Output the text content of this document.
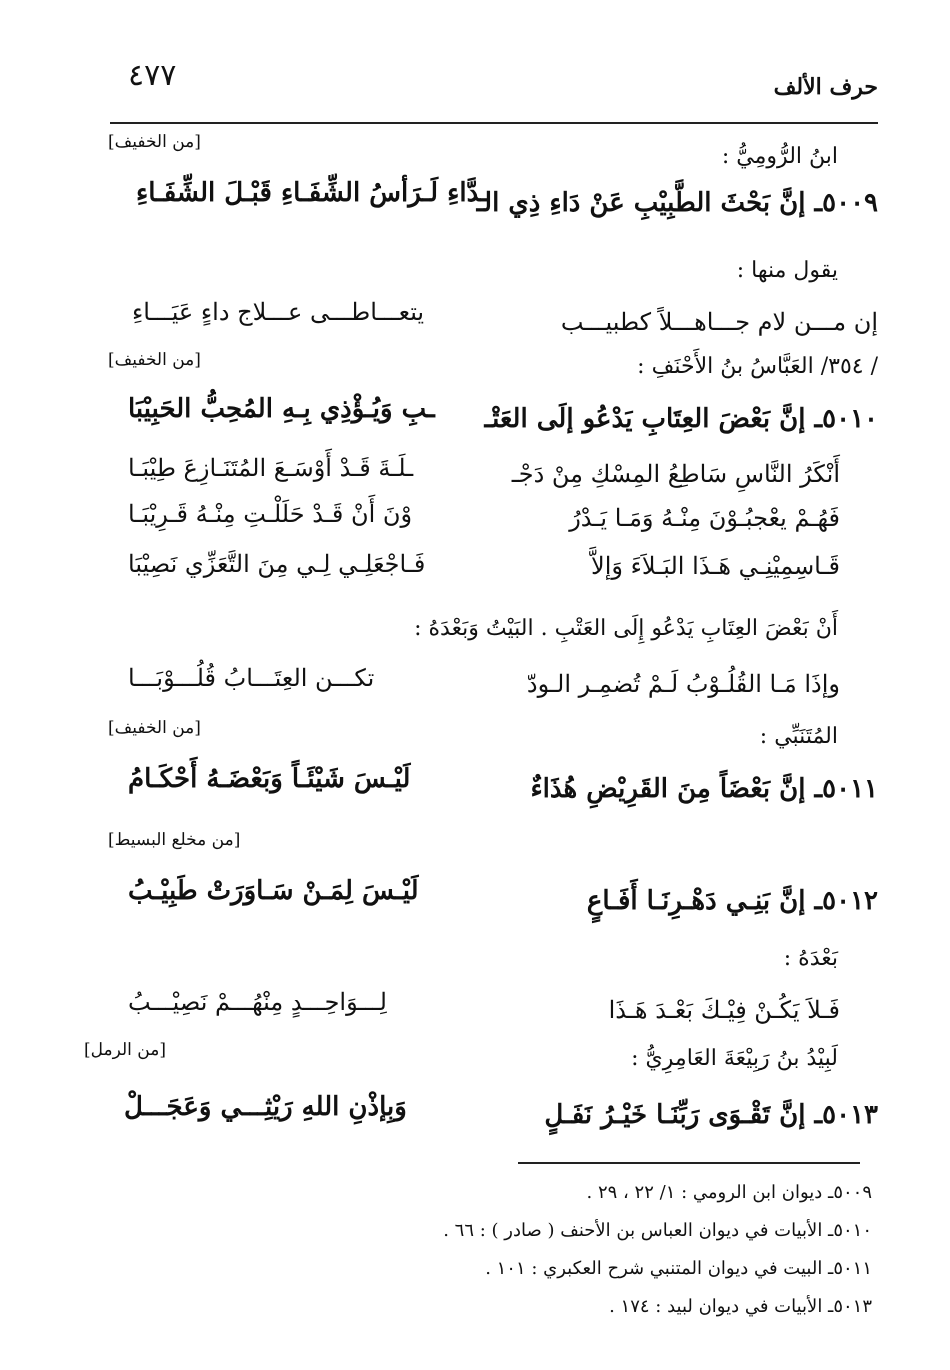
٤٧٧	حرف الألف
[من الخفيف]
ابنُ الرُّومِيُّ :
٥٠٠٩ـ إنَّ بَحْثَ الطَّبِيْبِ عَنْ دَاءِ ذِي الـ
ـدَّاءِ لَـرَأسُ الشِّفَـاءِ قَبْـلَ الشِّفَـاءِ
يقول منها :
إن مـــن لام جـــاهـــلاً كطبيـــب
يتعـــاطـــى عـــلاج داءٍ عَيَـــاءِ
[من الخفيف]	/ ٣٥٤/ العَبَّاسُ بنُ الأَحْنَفِ :
٥٠١٠ـ إنَّ بَعْضَ العِتَابِ يَدْعُو إلَى العَتْـ
ـبِ وَيُـؤْذِي بِـهِ المُحِبُّ الحَبِيْبَا
أَنْكَرُ النَّاسِ سَاطِعُ المِسْكِ مِنْ دَجْـ
ـلَـةَ قَـدْ أَوْسَـعَ المُتَنَـازِعَ طِيْبَـا
فَهُـمْ يعْجبُـوْنَ مِنْـهُ وَمَـا يَـدْرُ
وْنَ أَنْ قَـدْ حَلَلْـتِ مِنْـهُ قَـرِيْبَـا
قَـاسِمِيْنِـي هَـذَا البَـلاَءَ وَإلاَّ
فَـاجْعَلِـي لِـي مِنَ التَّعَزِّي نَصِيْبَا
أَنْ بَعْضَ العِتَابِ يَدْعُو إِلَى العَتْبِ . البَيْتُ وَبَعْدَهُ :
وإذَا مَـا القُلُـوْبُ لَـمْ تُضمِـر الـودّ
تكـــن العِتَـــابُ قُلُـــوْبَـــا
[من الخفيف]	المُتَنَبِّي :
٥٠١١ـ إنَّ بَعْضَاً مِنَ القَرِيْضِ هُذَاءٌ
لَيْـسَ شَيْئَـاً وَبَعْضَـهُ أَحْكَـامُ
[من مخلع البسيط]
٥٠١٢ـ إنَّ بَنِـي دَهْـرِنَـا أَفَـاعٍ
لَيْـسَ لِمَـنْ سَـاوَرَتْ طَبِيْـبُ
بَعْدَهُ :
فَـلاَ يَكُـنْ فِيْـكَ بَعْـدَ هَـذَا
لِـــوَاحِـــدٍ مِنْهُـــمْ نَصِيْـــبُ
[من الرمل]	لَبِيْدُ بنُ رَبِيْعَةَ العَامِرِيُّ :
٥٠١٣ـ إنَّ تَقْـوَى رَبِّنَـا خَيْـرُ نَفَـلٍ
وَبِإذْنِ اللهِ رَيْثِـــي وَعَجَـــلْ
٥٠٠٩ـ ديوان ابن الرومي : ١/ ٢٢ ، ٢٩ .
٥٠١٠ـ الأبيات في ديوان العباس بن الأحنف ( صادر ) : ٦٦ .
٥٠١١ـ البيت في ديوان المتنبي شرح العكبري : ١٠١ .
٥٠١٣ـ الأبيات في ديوان لبيد : ١٧٤ .
